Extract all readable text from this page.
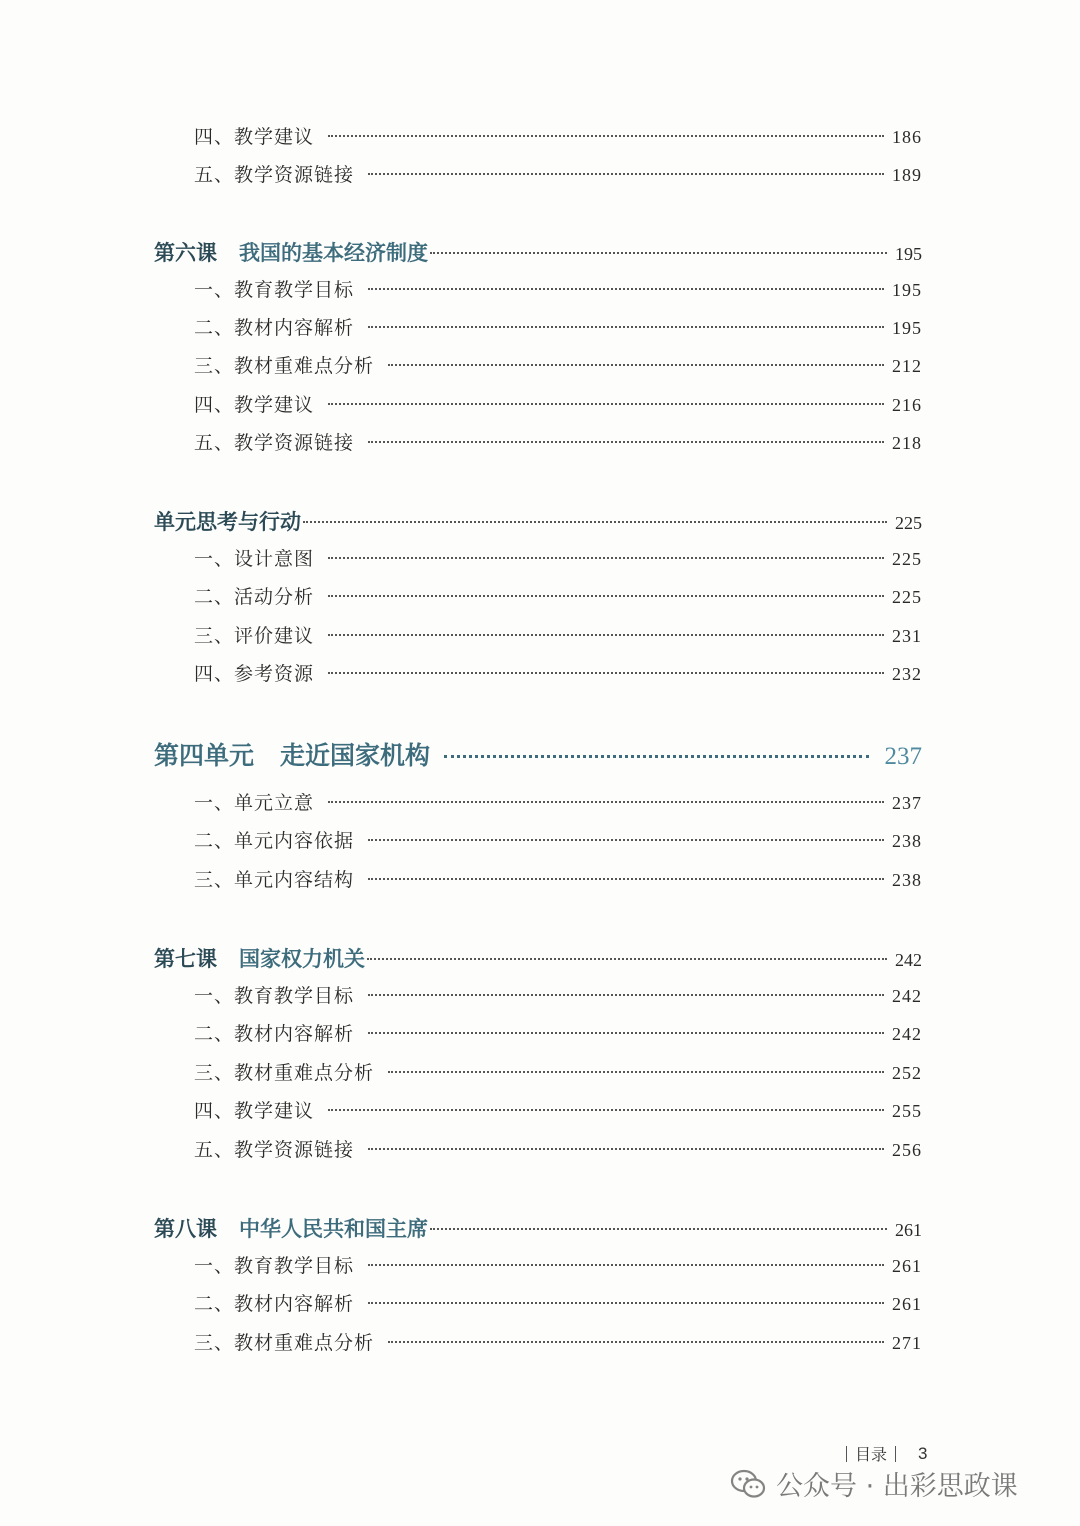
四、教学建议	186
五、教学资源链接	189
第六课 我国的基本经济制度	195
一、教育教学目标	195
二、教材内容解析	195
三、教材重难点分析	212
四、教学建议	216
五、教学资源链接	218
单元思考与行动	225
一、设计意图	225
二、活动分析	225
三、评价建议	231
四、参考资源	232
第四单元 走近国家机构	237
一、单元立意	237
二、单元内容依据	238
三、单元内容结构	238
第七课 国家权力机关	242
一、教育教学目标	242
二、教材内容解析	242
三、教材重难点分析	252
四、教学建议	255
五、教学资源链接	256
第八课 中华人民共和国主席	261
一、教育教学目标	261
二、教材内容解析	261
三、教材重难点分析	271
目录 3
公众号 · 出彩思政课
